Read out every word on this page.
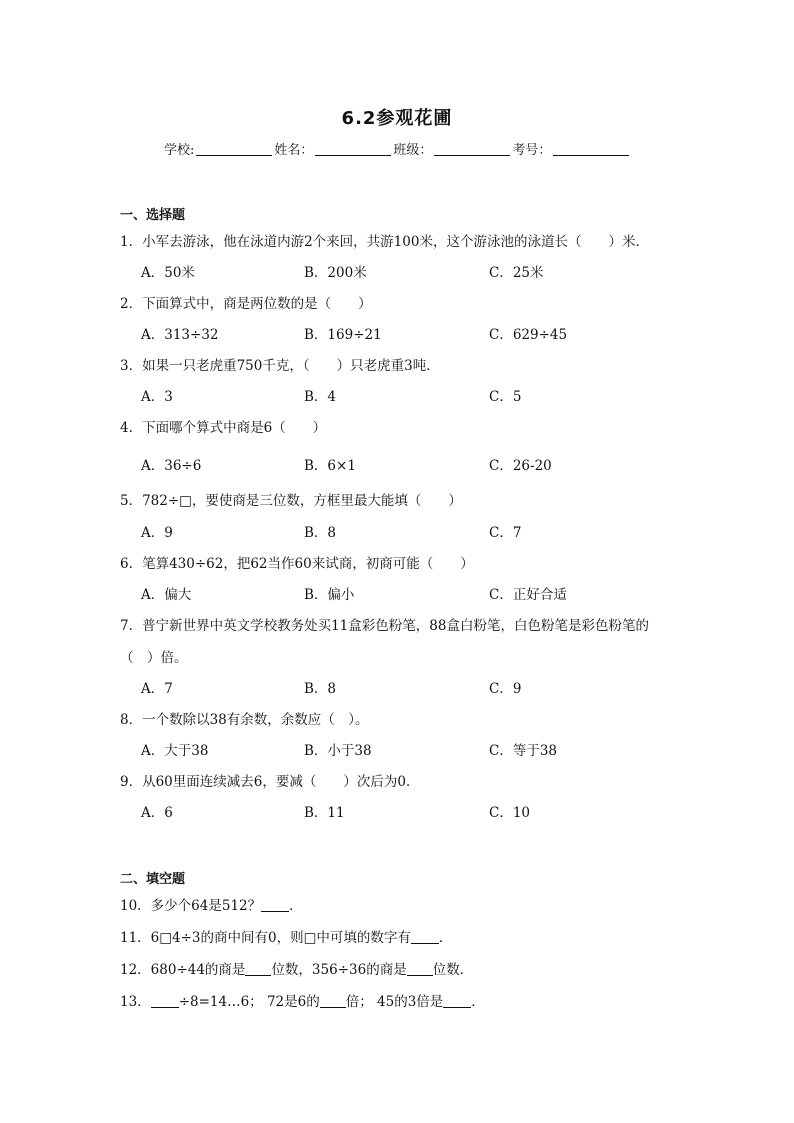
6.2参观花圃
学校:	姓名：	班级：	考号：
一、选择题
1．小军去游泳，他在泳道内游2个来回，共游100米，这个游泳池的泳道长（　　）米．
A．50米	B．200米	C．25米
2．下面算式中，商是两位数的是（　　）
A．313÷32	B．169÷21	C．629÷45
3．如果一只老虎重750千克，（　　）只老虎重3吨．
A．3	B．4	C．5
4．下面哪个算式中商是6（　　）
A．36÷6	B．6×1	C．26-20
5．782÷□，要使商是三位数，方框里最大能填（　　）
A．9	B．8	C．7
6．笔算430÷62，把62当作60来试商，初商可能（　　）
A．偏大	B．偏小	C．正好合适
7．普宁新世界中英文学校教务处买11盒彩色粉笔，88盒白粉笔，白色粉笔是彩色粉笔的
（　）倍。
A．7	B．8	C．9
8．一个数除以38有余数，余数应（　）。
A．大于38	B．小于38	C．等于38
9．从60里面连续减去6，要减（　　）次后为0．
A．6	B．11	C．10
二、填空题
10．多少个64是512？ ．
11．6□4÷3的商中间有0，则□中可填的数字有 ．
12．680÷44的商是 位数，356÷36的商是 位数．
13． ÷8=14…6； 72是6的 倍； 45的3倍是 ．
